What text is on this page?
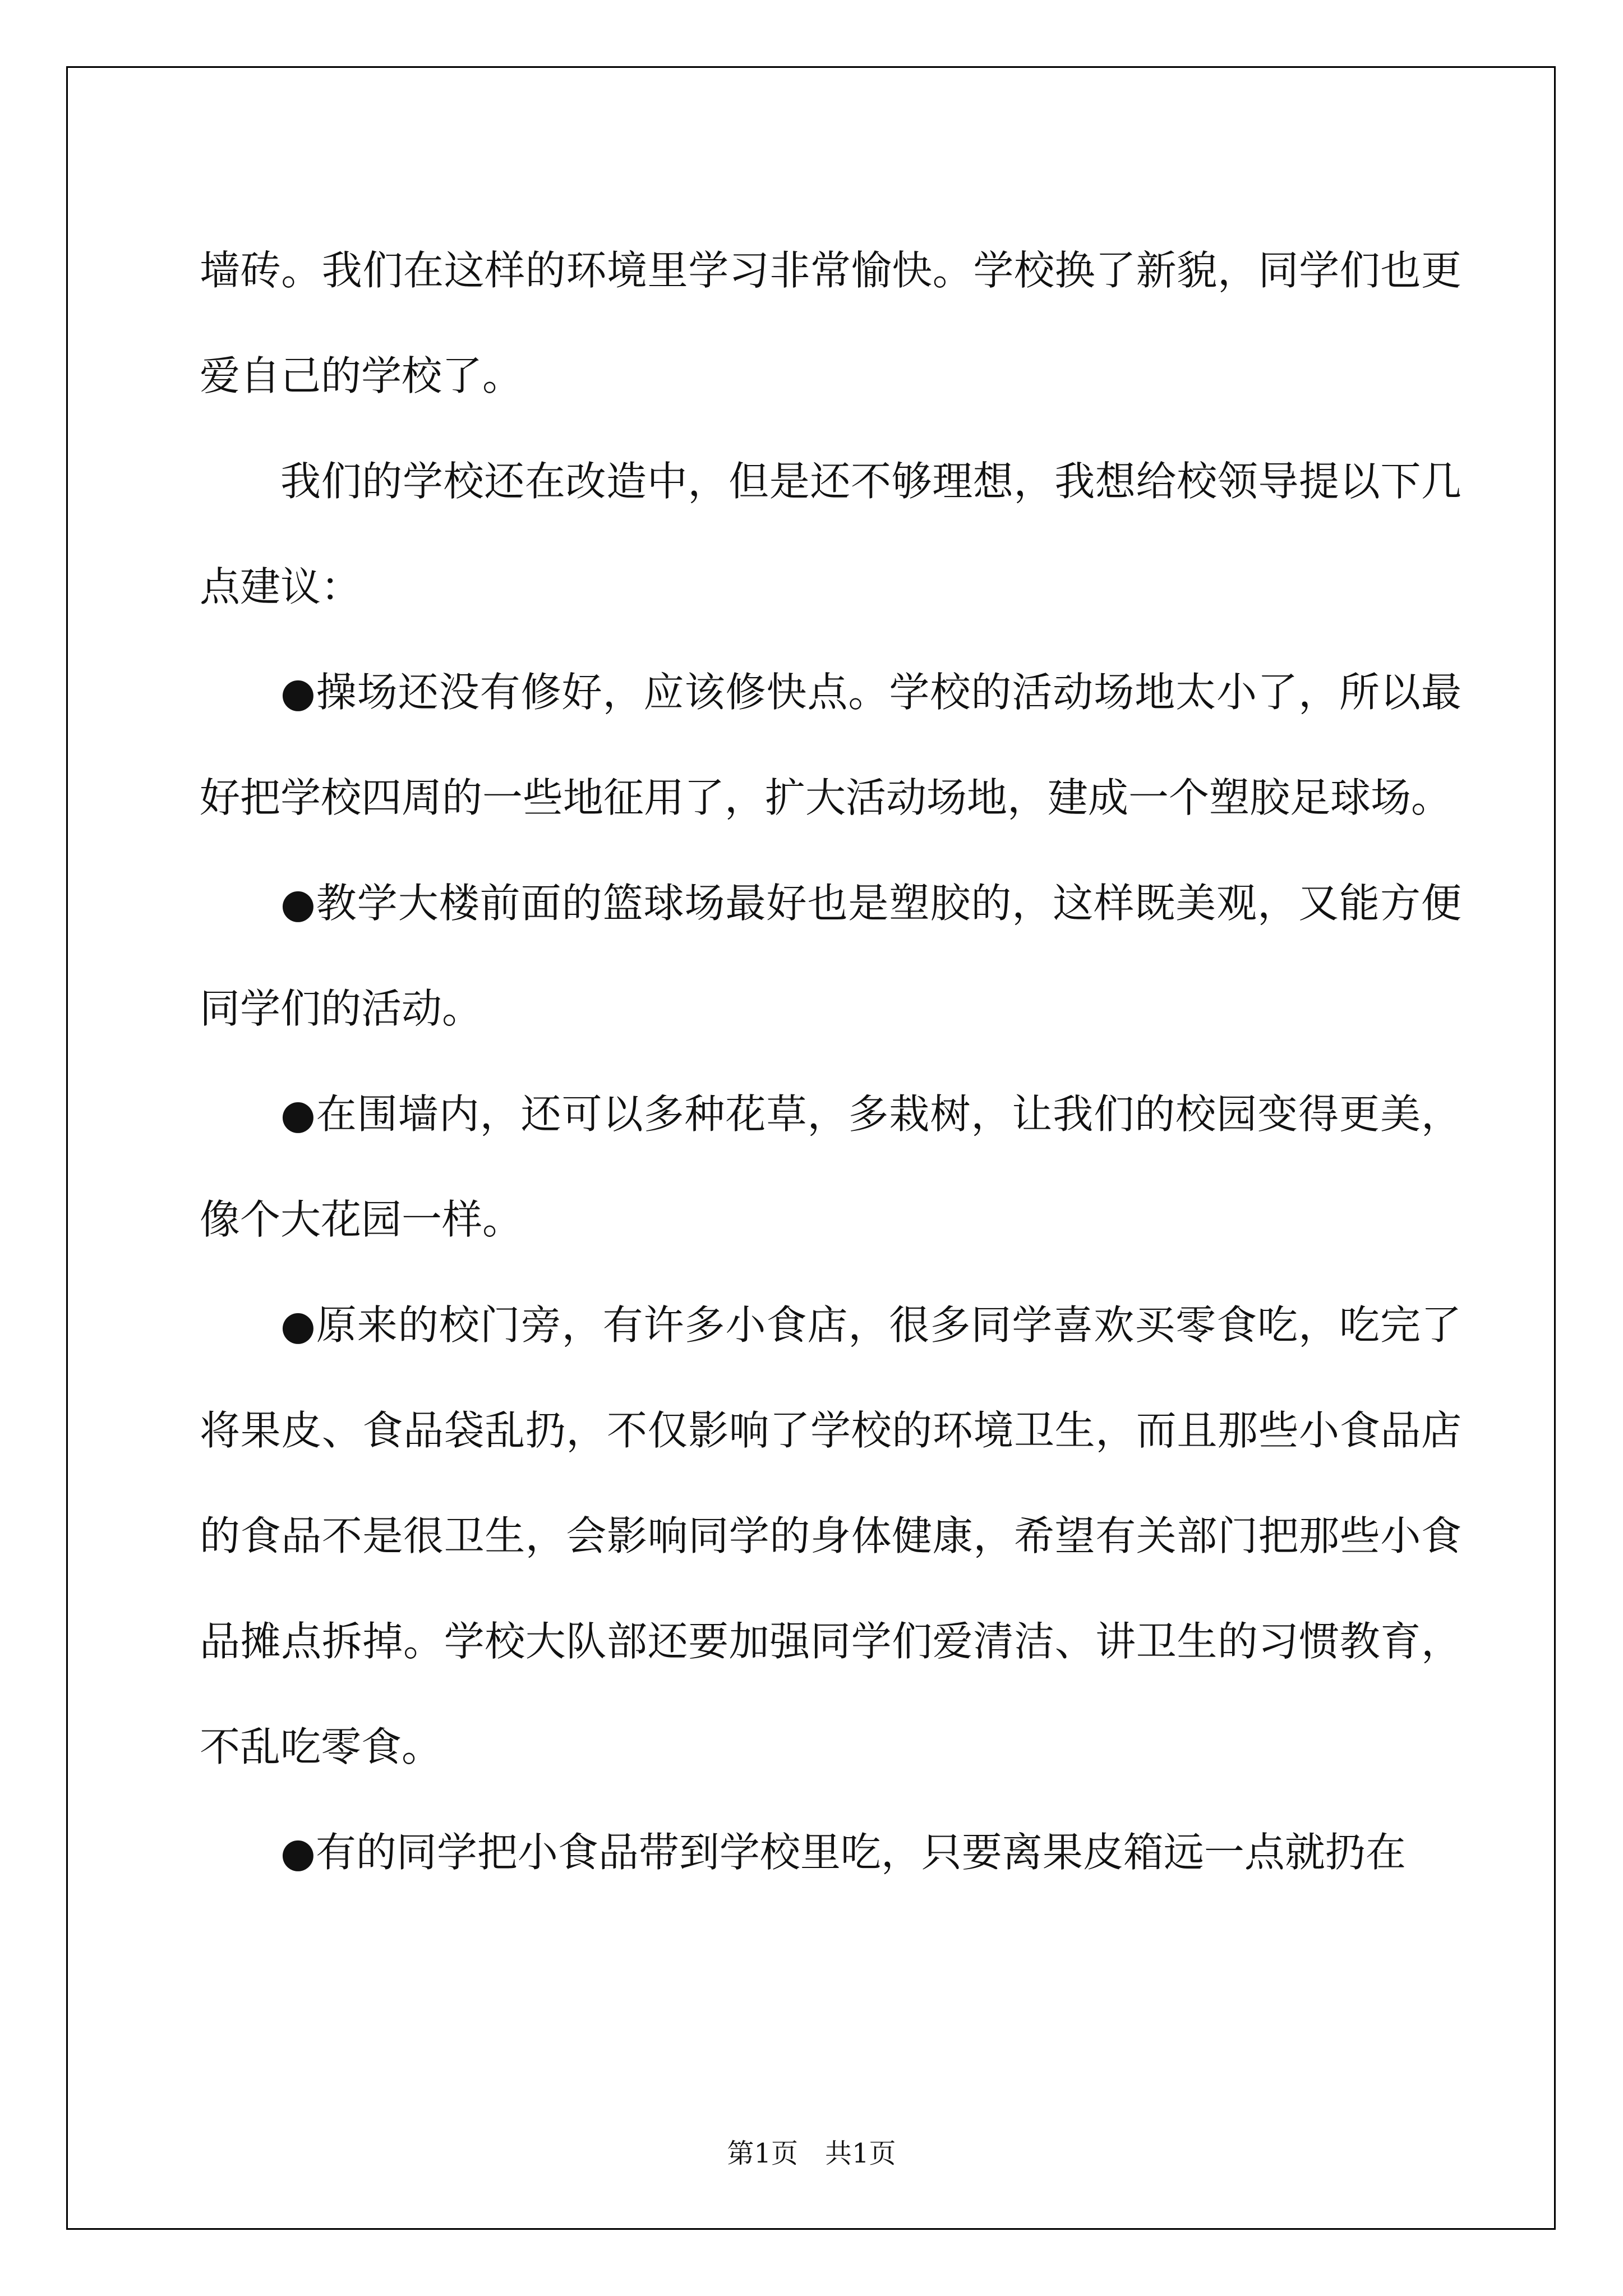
墙砖。我们在这样的环境里学习非常愉快。学校换了新貌，同学们也更爱自己的学校了。

我们的学校还在改造中，但是还不够理想，我想给校领导提以下几点建议：

●操场还没有修好，应该修快点。学校的活动场地太小了，所以最好把学校四周的一些地征用了，扩大活动场地，建成一个塑胶足球场。

●教学大楼前面的篮球场最好也是塑胶的，这样既美观，又能方便同学们的活动。

●在围墙内，还可以多种花草，多栽树，让我们的校园变得更美，像个大花园一样。

●原来的校门旁，有许多小食店，很多同学喜欢买零食吃，吃完了将果皮、食品袋乱扔，不仅影响了学校的环境卫生，而且那些小食品店的食品不是很卫生，会影响同学的身体健康，希望有关部门把那些小食品摊点拆掉。学校大队部还要加强同学们爱清洁、讲卫生的习惯教育，不乱吃零食。

●有的同学把小食品带到学校里吃，只要离果皮箱远一点就扔在

第1页　共1页
